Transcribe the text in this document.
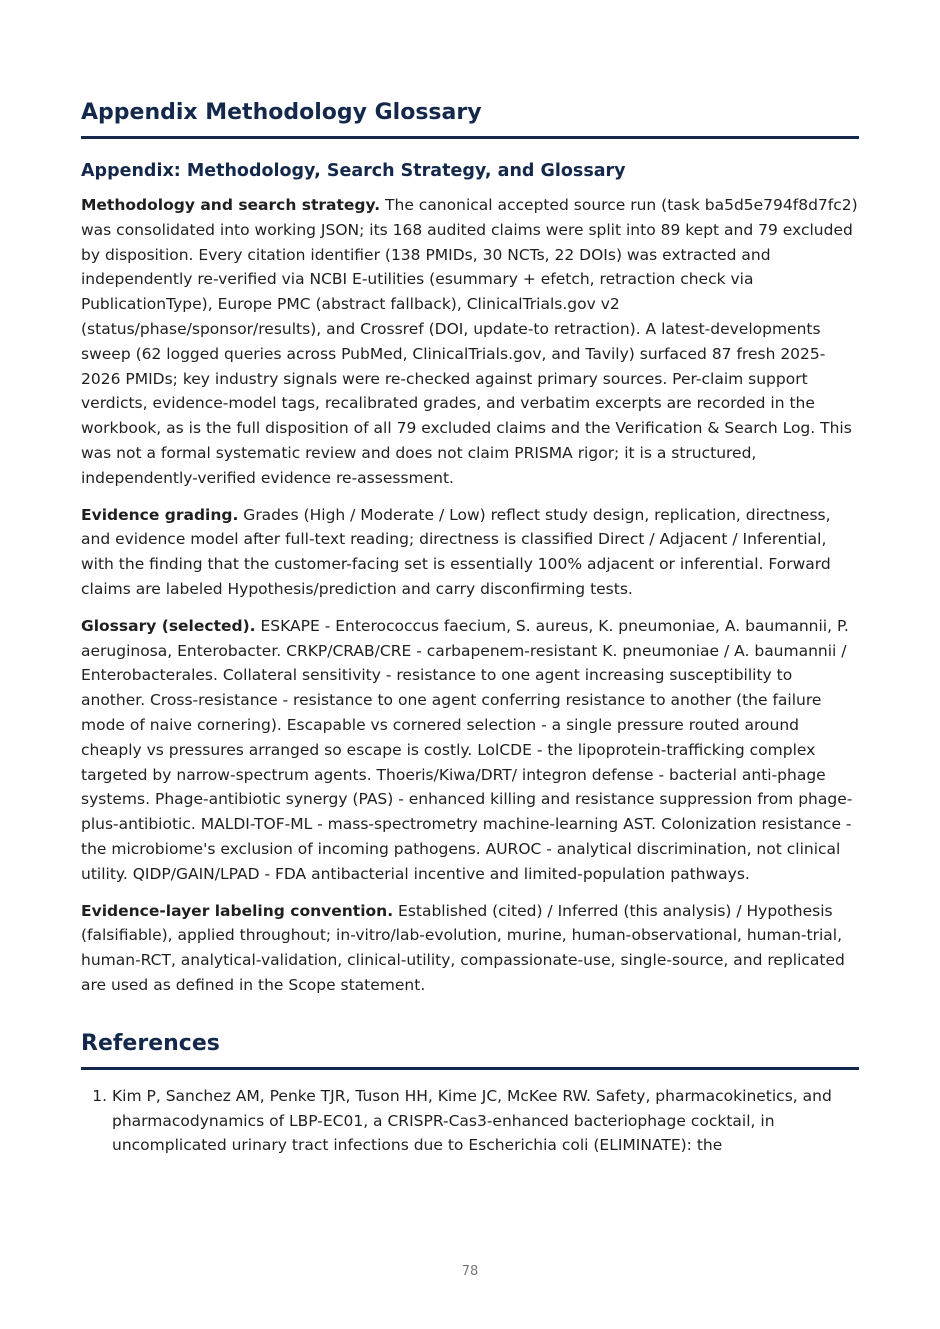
Appendix Methodology Glossary
Appendix: Methodology, Search Strategy, and Glossary

Methodology and search strategy. The canonical accepted source run (task ba5d5e794f8d7fc2) was consolidated into working JSON; its 168 audited claims were split into 89 kept and 79 excluded by disposition. Every citation identifier (138 PMIDs, 30 NCTs, 22 DOIs) was extracted and independently re-verified via NCBI E-utilities (esummary + efetch, retraction check via PublicationType), Europe PMC (abstract fallback), ClinicalTrials.gov v2 (status/phase/sponsor/results), and Crossref (DOI, update-to retraction). A latest-developments sweep (62 logged queries across PubMed, ClinicalTrials.gov, and Tavily) surfaced 87 fresh 2025-2026 PMIDs; key industry signals were re-checked against primary sources. Per-claim support verdicts, evidence-model tags, recalibrated grades, and verbatim excerpts are recorded in the workbook, as is the full disposition of all 79 excluded claims and the Verification & Search Log. This was not a formal systematic review and does not claim PRISMA rigor; it is a structured, independently-verified evidence re-assessment.

Evidence grading. Grades (High / Moderate / Low) reflect study design, replication, directness, and evidence model after full-text reading; directness is classified Direct / Adjacent / Inferential, with the finding that the customer-facing set is essentially 100% adjacent or inferential. Forward claims are labeled Hypothesis/prediction and carry disconfirming tests.

Glossary (selected). ESKAPE - Enterococcus faecium, S. aureus, K. pneumoniae, A. baumannii, P. aeruginosa, Enterobacter. CRKP/CRAB/CRE - carbapenem-resistant K. pneumoniae / A. baumannii / Enterobacterales. Collateral sensitivity - resistance to one agent increasing susceptibility to another. Cross-resistance - resistance to one agent conferring resistance to another (the failure mode of naive cornering). Escapable vs cornered selection - a single pressure routed around cheaply vs pressures arranged so escape is costly. LolCDE - the lipoprotein-trafficking complex targeted by narrow-spectrum agents. Thoeris/Kiwa/DRT/ integron defense - bacterial anti-phage systems. Phage-antibiotic synergy (PAS) - enhanced killing and resistance suppression from phage-plus-antibiotic. MALDI-TOF-ML - mass-spectrometry machine-learning AST. Colonization resistance - the microbiome's exclusion of incoming pathogens. AUROC - analytical discrimination, not clinical utility. QIDP/GAIN/LPAD - FDA antibacterial incentive and limited-population pathways.

Evidence-layer labeling convention. Established (cited) / Inferred (this analysis) / Hypothesis (falsifiable), applied throughout; in-vitro/lab-evolution, murine, human-observational, human-trial, human-RCT, analytical-validation, clinical-utility, compassionate-use, single-source, and replicated are used as defined in the Scope statement.

References
1. Kim P, Sanchez AM, Penke TJR, Tuson HH, Kime JC, McKee RW. Safety, pharmacokinetics, and pharmacodynamics of LBP-EC01, a CRISPR-Cas3-enhanced bacteriophage cocktail, in uncomplicated urinary tract infections due to Escherichia coli (ELIMINATE): the
78
